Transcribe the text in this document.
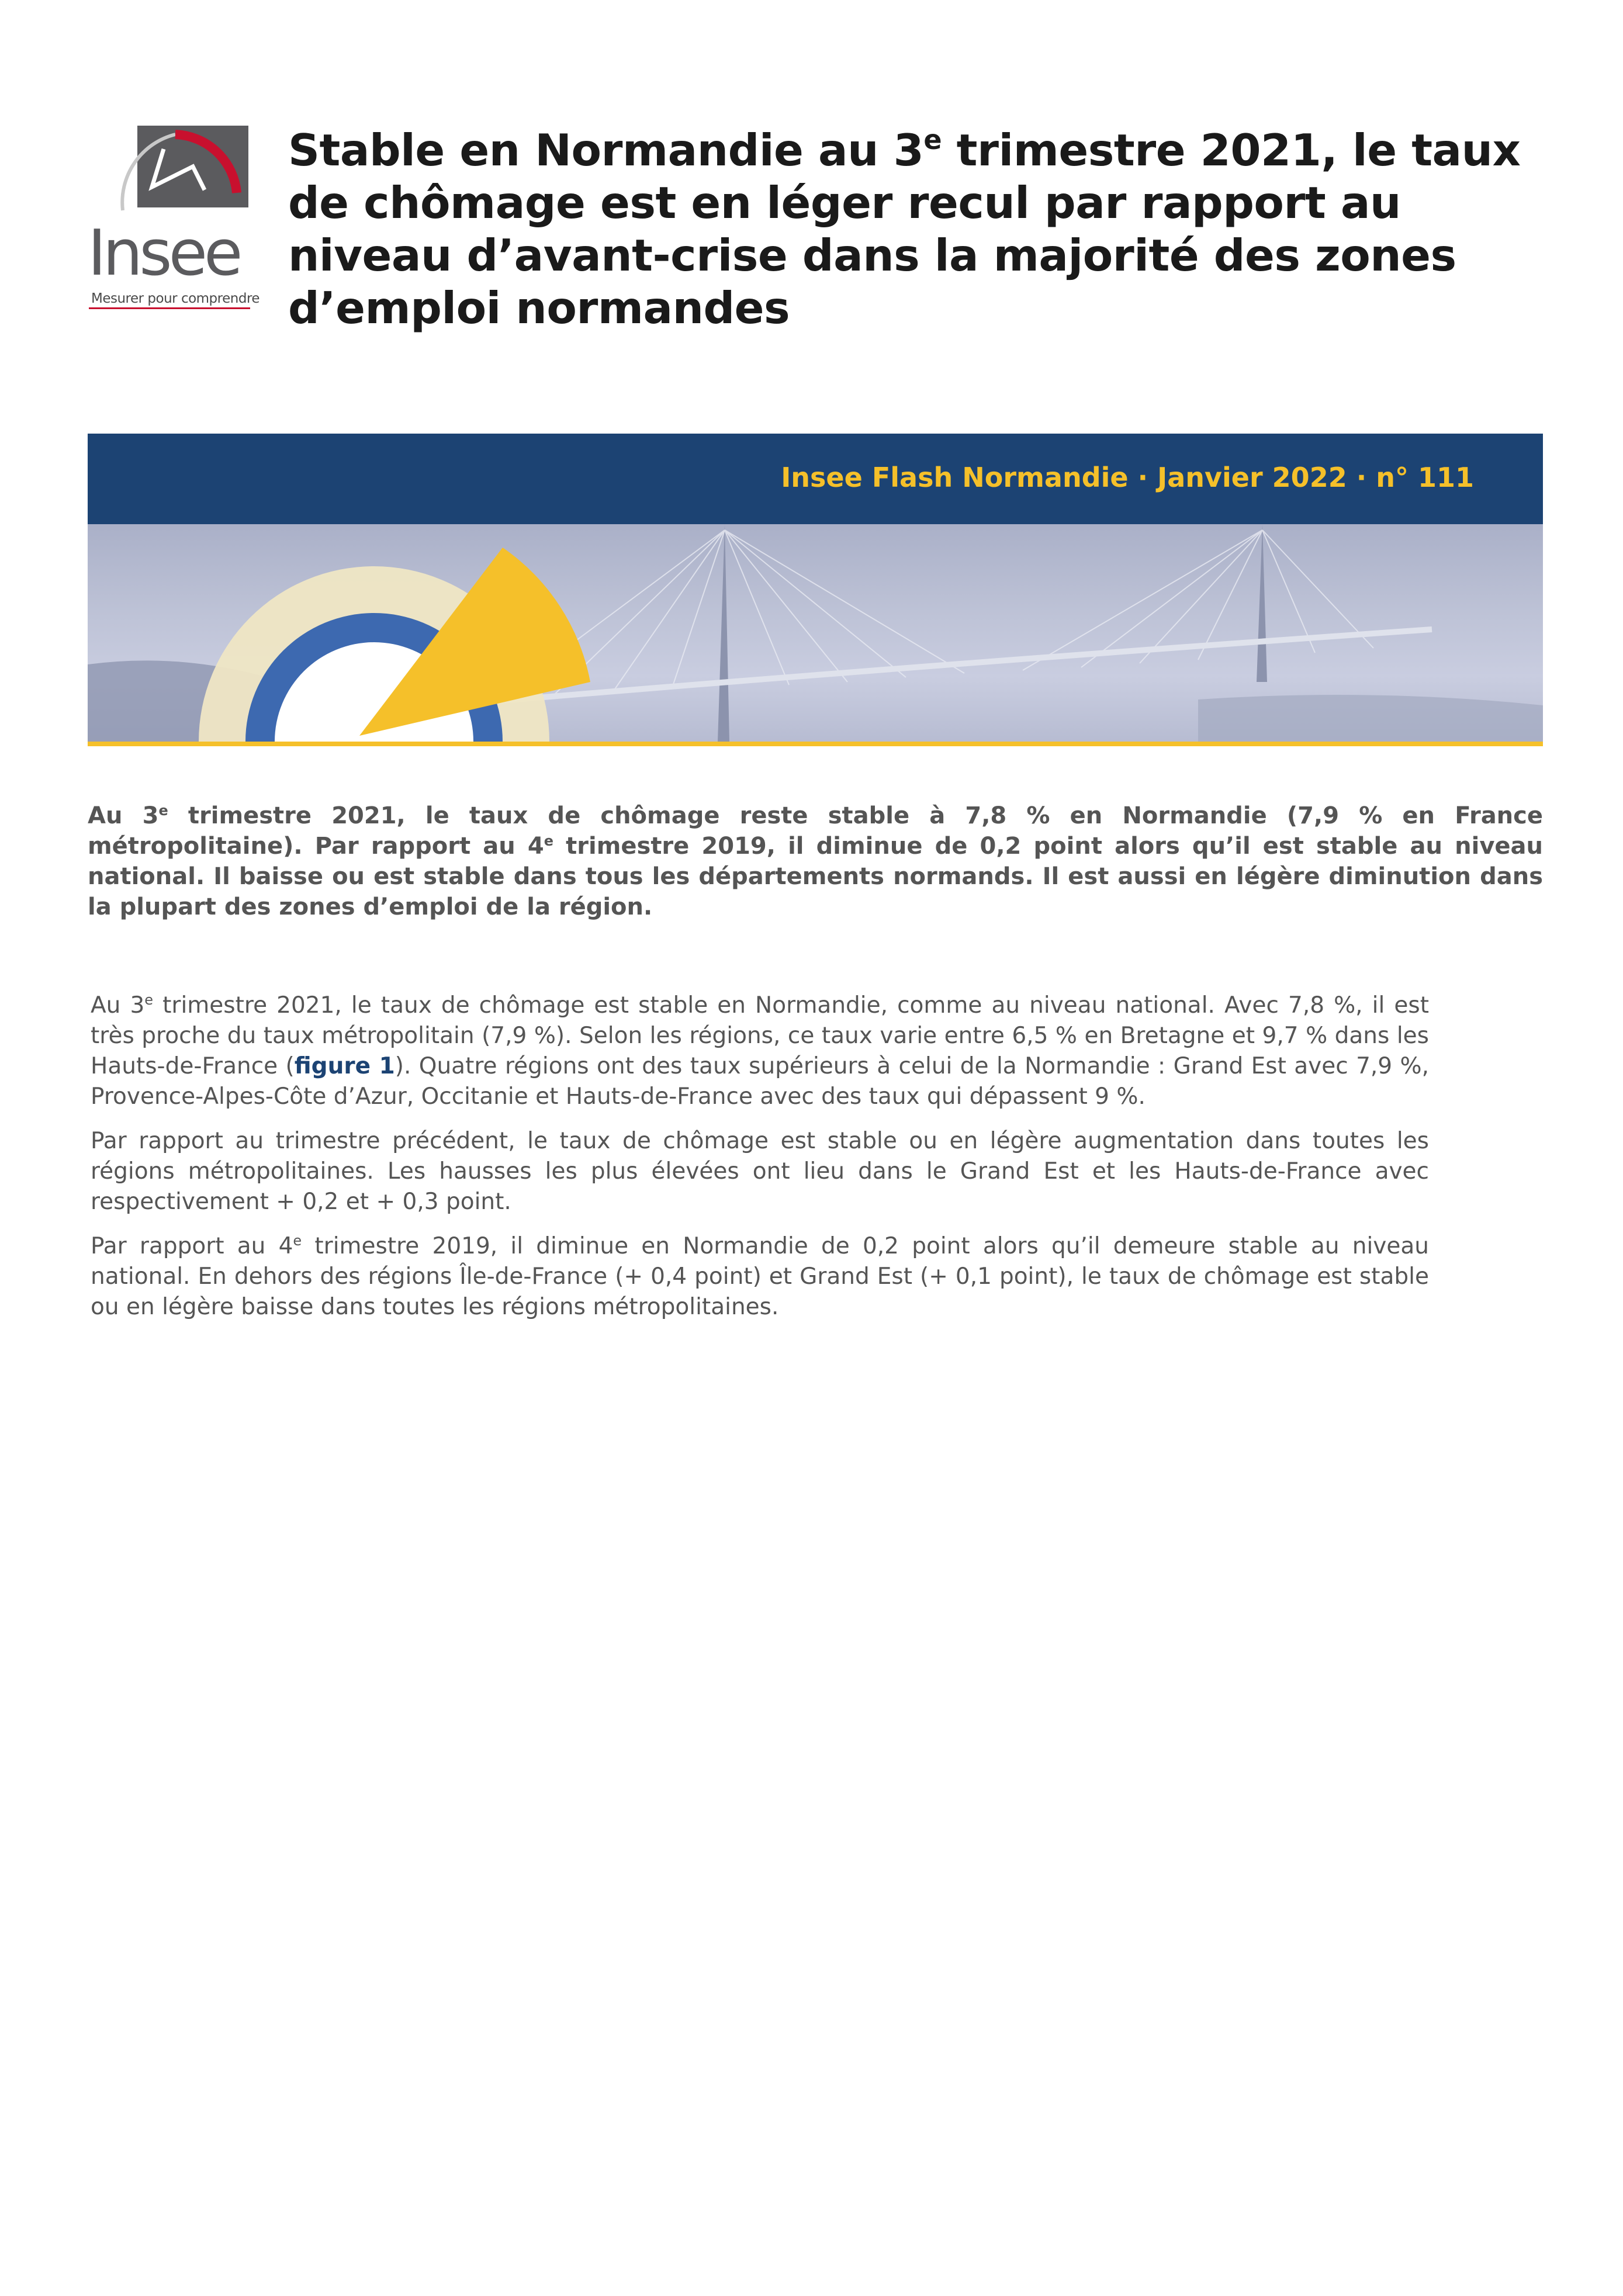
Insee
Mesurer pour comprendre
Stable en Normandie au 3e trimestre 2021, le taux de chômage est en léger recul par rapport au niveau d’avant-crise dans la majorité des zones d’emploi normandes
Insee Flash Normandie · Janvier 2022 · n° 111

Au 3e trimestre 2021, le taux de chômage reste stable à 7,8 % en Normandie (7,9 % en France métropolitaine). Par rapport au 4e trimestre 2019, il diminue de 0,2 point alors qu’il est stable au niveau national. Il baisse ou est stable dans tous les départements normands. Il est aussi en légère diminution dans la plupart des zones d’emploi de la région.

Au 3e trimestre 2021, le taux de chômage est stable en Normandie, comme au niveau national. Avec 7,8 %, il est très proche du taux métropolitain (7,9 %). Selon les régions, ce taux varie entre 6,5 % en Bretagne et 9,7 % dans les Hauts-de-France (figure 1). Quatre régions ont des taux supérieurs à celui de la Normandie : Grand Est avec 7,9 %, Provence-Alpes-Côte d’Azur, Occitanie et Hauts-de-France avec des taux qui dépassent 9 %.

Par rapport au trimestre précédent, le taux de chômage est stable ou en légère augmentation dans toutes les régions métropolitaines. Les hausses les plus élevées ont lieu dans le Grand Est et les Hauts-de-France avec respectivement + 0,2 et + 0,3 point.

Par rapport au 4e trimestre 2019, il diminue en Normandie de 0,2 point alors qu’il demeure stable au niveau national. En dehors des régions Île-de-France (+ 0,4 point) et Grand Est (+ 0,1 point), le taux de chômage est stable ou en légère baisse dans toutes les régions métropolitaines.
